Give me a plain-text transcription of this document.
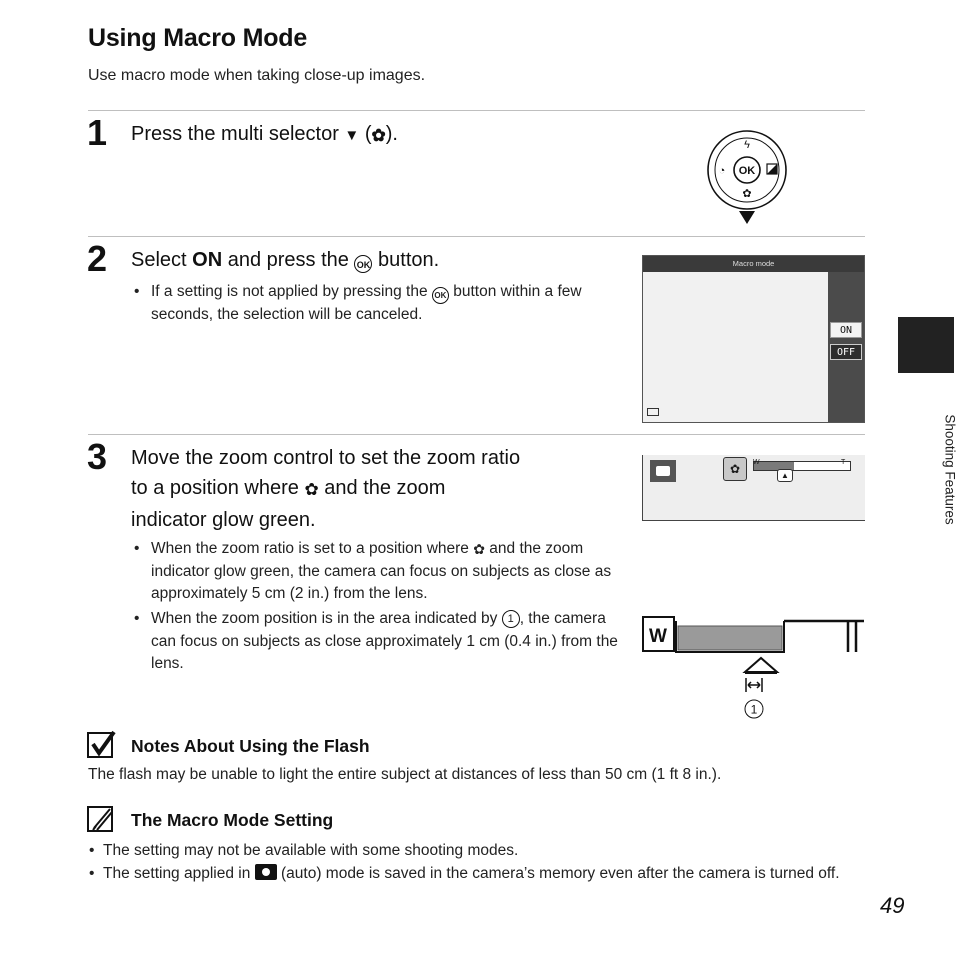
Using Macro Mode
Use macro mode when taking close-up images.
Shooting Features
1 Press the multi selector ▼ (✿).
OK
ϟ
◔
✿
2 Select ON and press the OK button.
• If a setting is not applied by pressing the OK button within a few seconds, the selection will be canceled.
Macro mode
ON
OFF
3 Move the zoom control to set the zoom ratio
to a position where ✿ and the zoom
indicator glow green.
• When the zoom ratio is set to a position where ✿ and the zoom indicator glow green, the camera can focus on subjects as close as approximately 5 cm (2 in.) from the lens.
• When the zoom position is in the area indicated by 1 , the camera can focus on subjects as close approximately 1 cm (0.4 in.) from the lens.
✿	W	T
▲
W
1
Notes About Using the Flash
The flash may be unable to light the entire subject at distances of less than 50 cm (1 ft 8 in.).
The Macro Mode Setting
• The setting may not be available with some shooting modes.
• The setting applied in (auto) mode is saved in the camera’s memory even after the camera is turned off.
49
